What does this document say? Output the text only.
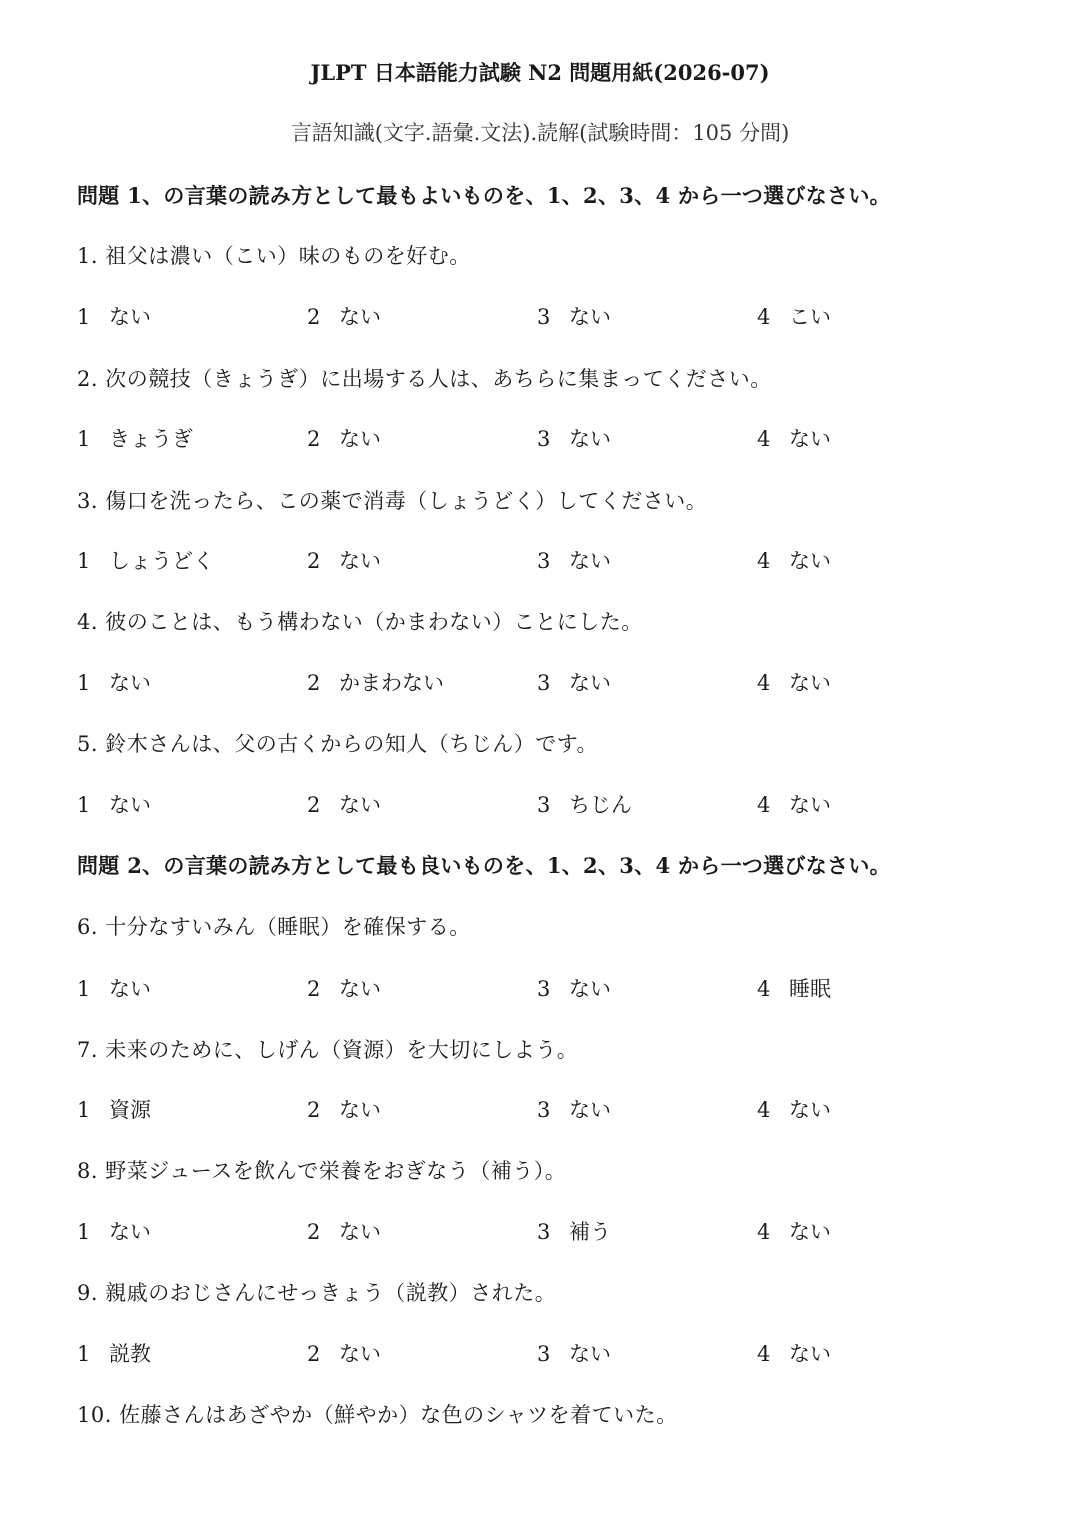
JLPT 日本語能力試験 N2 問題用紙(2026-07)
言語知識(文字.語彙.文法).読解(試験時間：105 分間)
問題 1、の言葉の読み方として最もよいものを、1、2、3、4 から一つ選びなさい。
1. 祖父は濃い（こい）味のものを好む。
1 ない	2 ない	3 ない	4 こい
2. 次の競技（きょうぎ）に出場する人は、あちらに集まってください。
1 きょうぎ	2 ない	3 ない	4 ない
3. 傷口を洗ったら、この薬で消毒（しょうどく）してください。
1 しょうどく	2 ない	3 ない	4 ない
4. 彼のことは、もう構わない（かまわない）ことにした。
1 ない	2 かまわない	3 ない	4 ない
5. 鈴木さんは、父の古くからの知人（ちじん）です。
1 ない	2 ない	3 ちじん	4 ない
問題 2、の言葉の読み方として最も良いものを、1、2、3、4 から一つ選びなさい。
6. 十分なすいみん（睡眠）を確保する。
1 ない	2 ない	3 ない	4 睡眠
7. 未来のために、しげん（資源）を大切にしよう。
1 資源	2 ない	3 ない	4 ない
8. 野菜ジュースを飲んで栄養をおぎなう（補う）。
1 ない	2 ない	3 補う	4 ない
9. 親戚のおじさんにせっきょう（説教）された。
1 説教	2 ない	3 ない	4 ない
10. 佐藤さんはあざやか（鮮やか）な色のシャツを着ていた。
